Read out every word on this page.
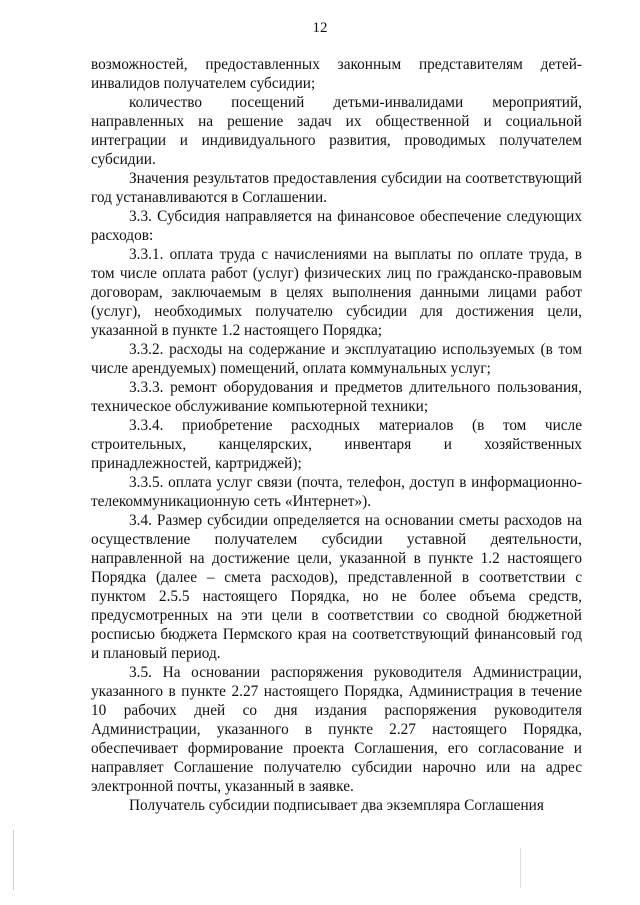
12

возможностей, предоставленных законным представителям детей-инвалидов получателем субсидии;

количество посещений детьми-инвалидами мероприятий, направленных на решение задач их общественной и социальной интеграции и индивидуального развития, проводимых получателем субсидии.

Значения результатов предоставления субсидии на соответствующий год устанавливаются в Соглашении.

3.3. Субсидия направляется на финансовое обеспечение следующих расходов:

3.3.1. оплата труда с начислениями на выплаты по оплате труда, в том числе оплата работ (услуг) физических лиц по гражданско-правовым договорам, заключаемым в целях выполнения данными лицами работ (услуг), необходимых получателю субсидии для достижения цели, указанной в пункте 1.2 настоящего Порядка;

3.3.2. расходы на содержание и эксплуатацию используемых (в том числе арендуемых) помещений, оплата коммунальных услуг;

3.3.3. ремонт оборудования и предметов длительного пользования, техническое обслуживание компьютерной техники;

3.3.4. приобретение расходных материалов (в том числе строительных, канцелярских, инвентаря и хозяйственных принадлежностей, картриджей);

3.3.5. оплата услуг связи (почта, телефон, доступ в информационно-телекоммуникационную сеть «Интернет»).

3.4. Размер субсидии определяется на основании сметы расходов на осуществление получателем субсидии уставной деятельности, направленной на достижение цели, указанной в пункте 1.2 настоящего Порядка (далее – смета расходов), представленной в соответствии с пунктом 2.5.5 настоящего Порядка, но не более объема средств, предусмотренных на эти цели в соответствии со сводной бюджетной росписью бюджета Пермского края на соответствующий финансовый год и плановый период.

3.5. На основании распоряжения руководителя Администрации, указанного в пункте 2.27 настоящего Порядка, Администрация в течение 10 рабочих дней со дня издания распоряжения руководителя Администрации, указанного в пункте 2.27 настоящего Порядка, обеспечивает формирование проекта Соглашения, его согласование и направляет Соглашение получателю субсидии нарочно или на адрес электронной почты, указанный в заявке.

Получатель субсидии подписывает два экземпляра Соглашения
